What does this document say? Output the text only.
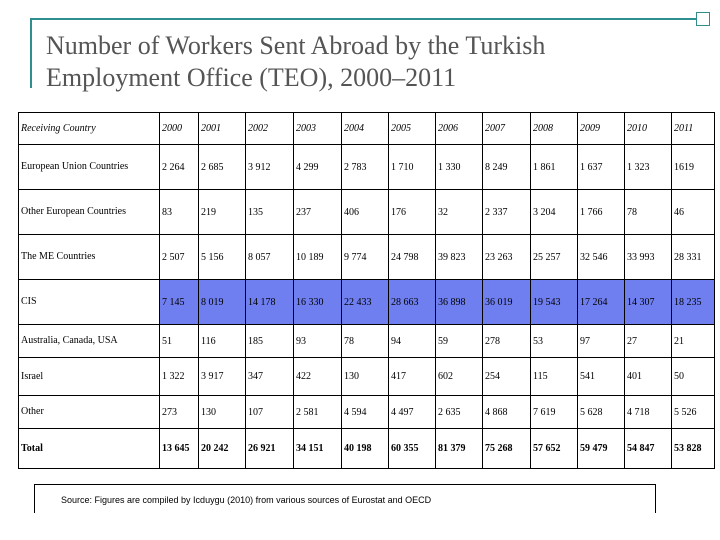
Number of Workers Sent Abroad by the Turkish Employment Office (TEO), 2000–2011
Receiving Country	2000	2001	2002	2003	2004	2005	2006	2007	2008	2009	2010	2011
European Union Countries	2 264	2 685	3 912	4 299	2 783	1 710	1 330	8 249	1 861	1 637	1 323	1619
Other European Countries	83	219	135	237	406	176	32	2 337	3 204	1 766	78	46
The ME Countries	2 507	5 156	8 057	10 189	9 774	24 798	39 823	23 263	25 257	32 546	33 993	28 331
CIS	7 145	8 019	14 178	16 330	22 433	28 663	36 898	36 019	19 543	17 264	14 307	18 235
Australia, Canada, USA	51	116	185	93	78	94	59	278	53	97	27	21
Israel	1 322	3 917	347	422	130	417	602	254	115	541	401	50
Other	273	130	107	2 581	4 594	4 497	2 635	4 868	7 619	5 628	4 718	5 526
Total	13 645	20 242	26 921	34 151	40 198	60 355	81 379	75 268	57 652	59 479	54 847	53 828
Source: Figures are compiled by Icduygu (2010) from various sources of Eurostat and OECD
